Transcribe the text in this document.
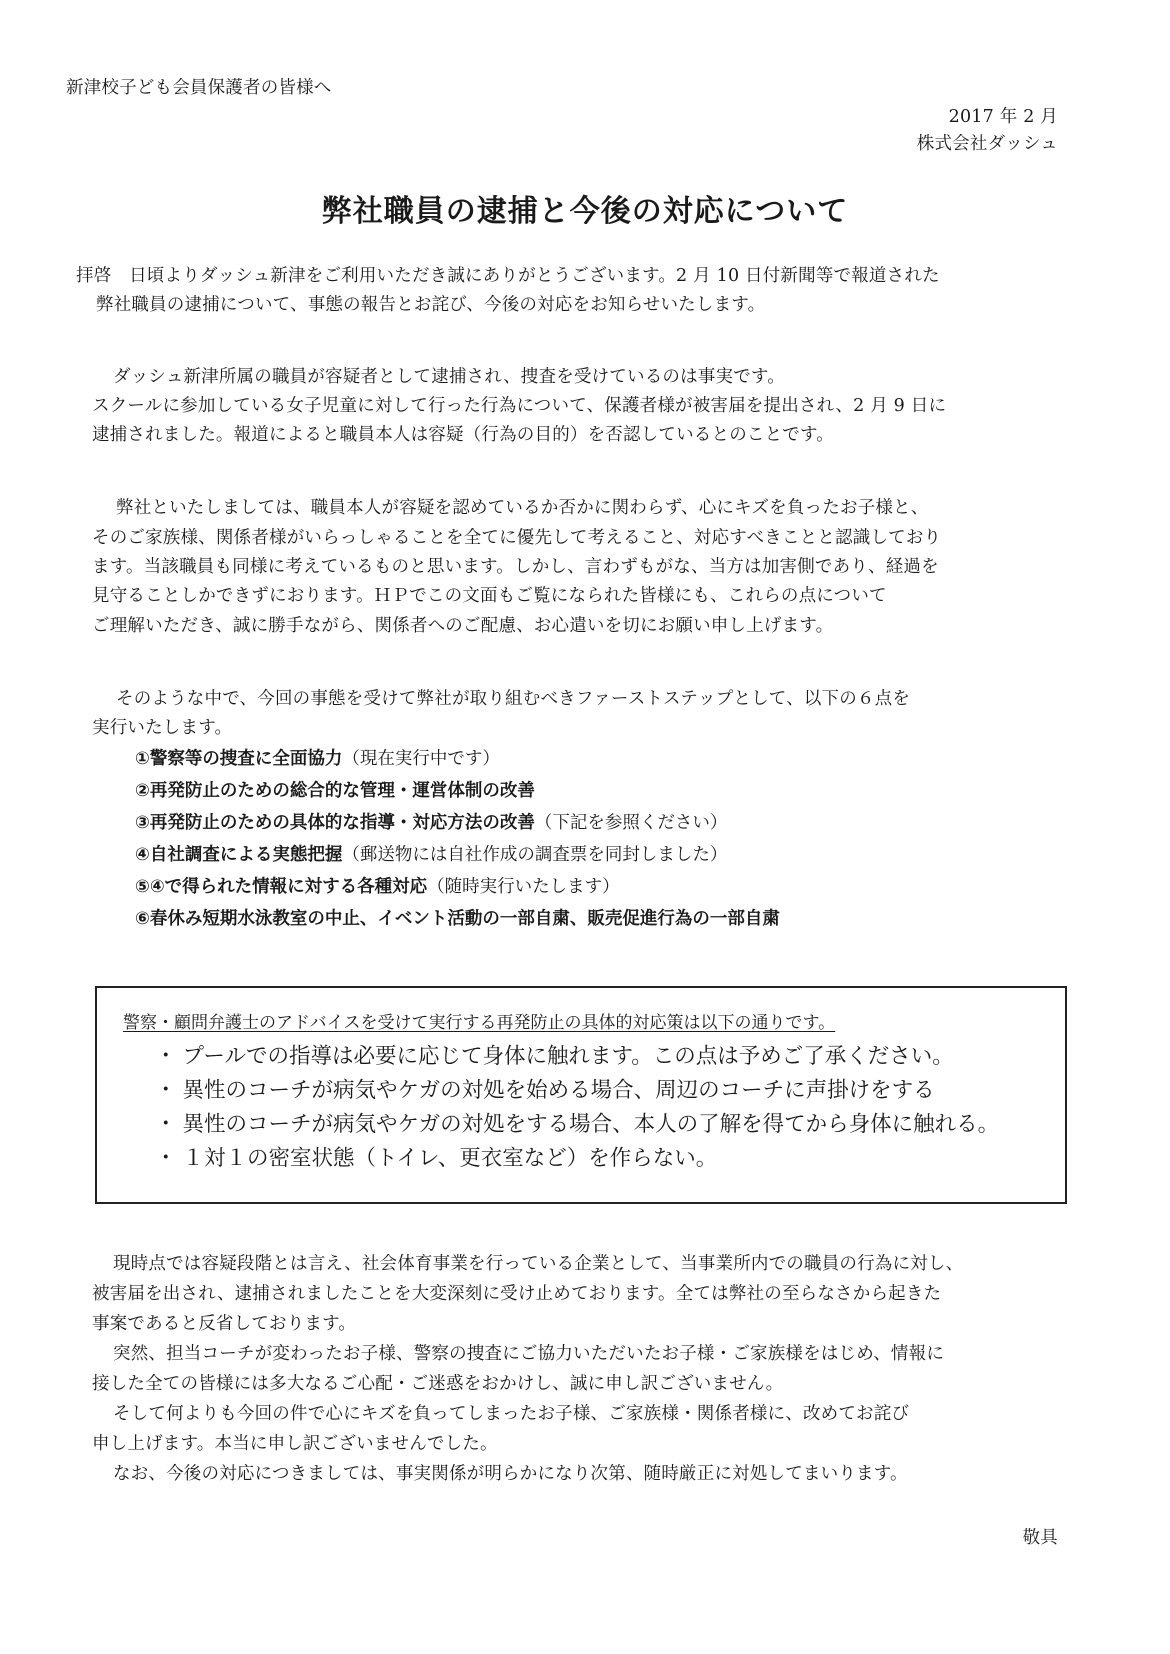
新津校子ども会員保護者の皆様へ
2017 年 2 月
株式会社ダッシュ
弊社職員の逮捕と今後の対応について
拝啓　日頃よりダッシュ新津をご利用いただき誠にありがとうございます。2 月 10 日付新聞等で報道された
弊社職員の逮捕について、事態の報告とお詫び、今後の対応をお知らせいたします。
ダッシュ新津所属の職員が容疑者として逮捕され、捜査を受けているのは事実です。
スクールに参加している女子児童に対して行った行為について、保護者様が被害届を提出され、2 月 9 日に
逮捕されました。報道によると職員本人は容疑（行為の目的）を否認しているとのことです。
弊社といたしましては、職員本人が容疑を認めているか否かに関わらず、心にキズを負ったお子様と、
そのご家族様、関係者様がいらっしゃることを全てに優先して考えること、対応すべきことと認識しており
ます。当該職員も同様に考えているものと思います。しかし、言わずもがな、当方は加害側であり、経過を
見守ることしかできずにおります。ＨＰでこの文面もご覧になられた皆様にも、これらの点について
ご理解いただき、誠に勝手ながら、関係者へのご配慮、お心遣いを切にお願い申し上げます。
そのような中で、今回の事態を受けて弊社が取り組むべきファーストステップとして、以下の６点を
実行いたします。
①警察等の捜査に全面協力（現在実行中です）
②再発防止のための総合的な管理・運営体制の改善
③再発防止のための具体的な指導・対応方法の改善（下記を参照ください）
④自社調査による実態把握（郵送物には自社作成の調査票を同封しました）
⑤④で得られた情報に対する各種対応（随時実行いたします）
⑥春休み短期水泳教室の中止、イベント活動の一部自粛、販売促進行為の一部自粛
警察・顧問弁護士のアドバイスを受けて実行する再発防止の具体的対応策は以下の通りです。
・ プールでの指導は必要に応じて身体に触れます。この点は予めご了承ください。
・ 異性のコーチが病気やケガの対処を始める場合、周辺のコーチに声掛けをする
・ 異性のコーチが病気やケガの対処をする場合、本人の了解を得てから身体に触れる。
・ １対１の密室状態（トイレ、更衣室など）を作らない。
現時点では容疑段階とは言え、社会体育事業を行っている企業として、当事業所内での職員の行為に対し、
被害届を出され、逮捕されましたことを大変深刻に受け止めております。全ては弊社の至らなさから起きた
事案であると反省しております。
突然、担当コーチが変わったお子様、警察の捜査にご協力いただいたお子様・ご家族様をはじめ、情報に
接した全ての皆様には多大なるご心配・ご迷惑をおかけし、誠に申し訳ございません。
そして何よりも今回の件で心にキズを負ってしまったお子様、ご家族様・関係者様に、改めてお詫び
申し上げます。本当に申し訳ございませんでした。
なお、今後の対応につきましては、事実関係が明らかになり次第、随時厳正に対処してまいります。
敬具
